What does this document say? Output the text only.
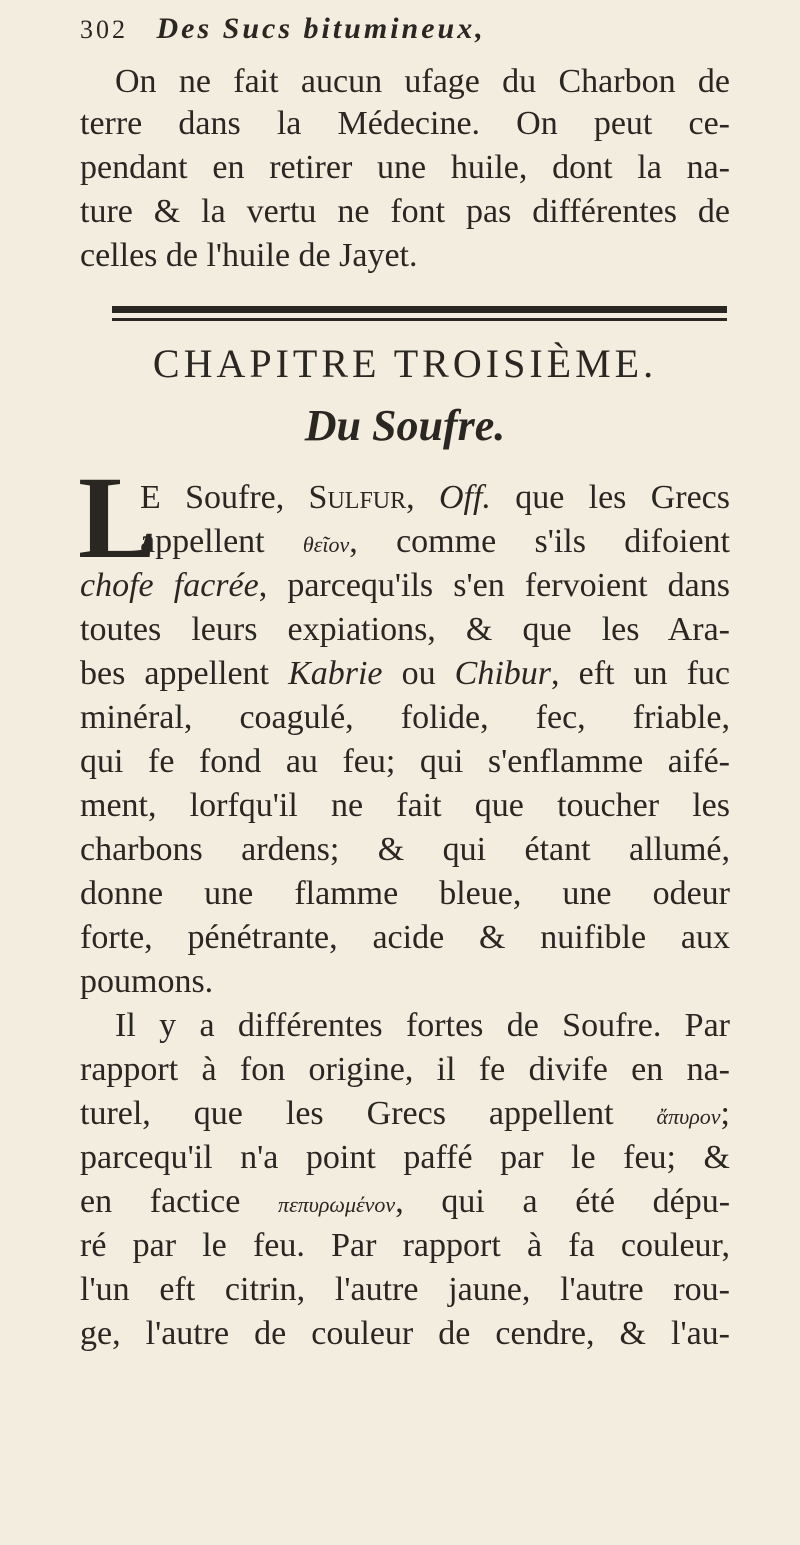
302 Des Sucs bitumineux,
On ne fait aucun ufage du Charbon de
terre dans la Médecine. On peut ce-
pendant en retirer une huile, dont la na-
ture & la vertu ne font pas différentes de
celles de l'huile de Jayet.
CHAPITRE TROISIÈME.
Du Soufre.
L
E Soufre, Sulfur, Off. que les Grecs
appellent θεῖον, comme s'ils difoient
chofe facrée, parcequ'ils s'en fervoient dans
toutes leurs expiations, & que les Ara-
bes appellent Kabrie ou Chibur, eft un fuc
minéral, coagulé, folide, fec, friable,
qui fe fond au feu; qui s'enflamme aifé-
ment, lorfqu'il ne fait que toucher les
charbons ardens; & qui étant allumé,
donne une flamme bleue, une odeur
forte, pénétrante, acide & nuifible aux
poumons.
Il y a différentes fortes de Soufre. Par
rapport à fon origine, il fe divife en na-
turel, que les Grecs appellent ἄπυρον;
parcequ'il n'a point paffé par le feu; &
en factice πεπυρωμένον, qui a été dépu-
ré par le feu. Par rapport à fa couleur,
l'un eft citrin, l'autre jaune, l'autre rou-
ge, l'autre de couleur de cendre, & l'au-
